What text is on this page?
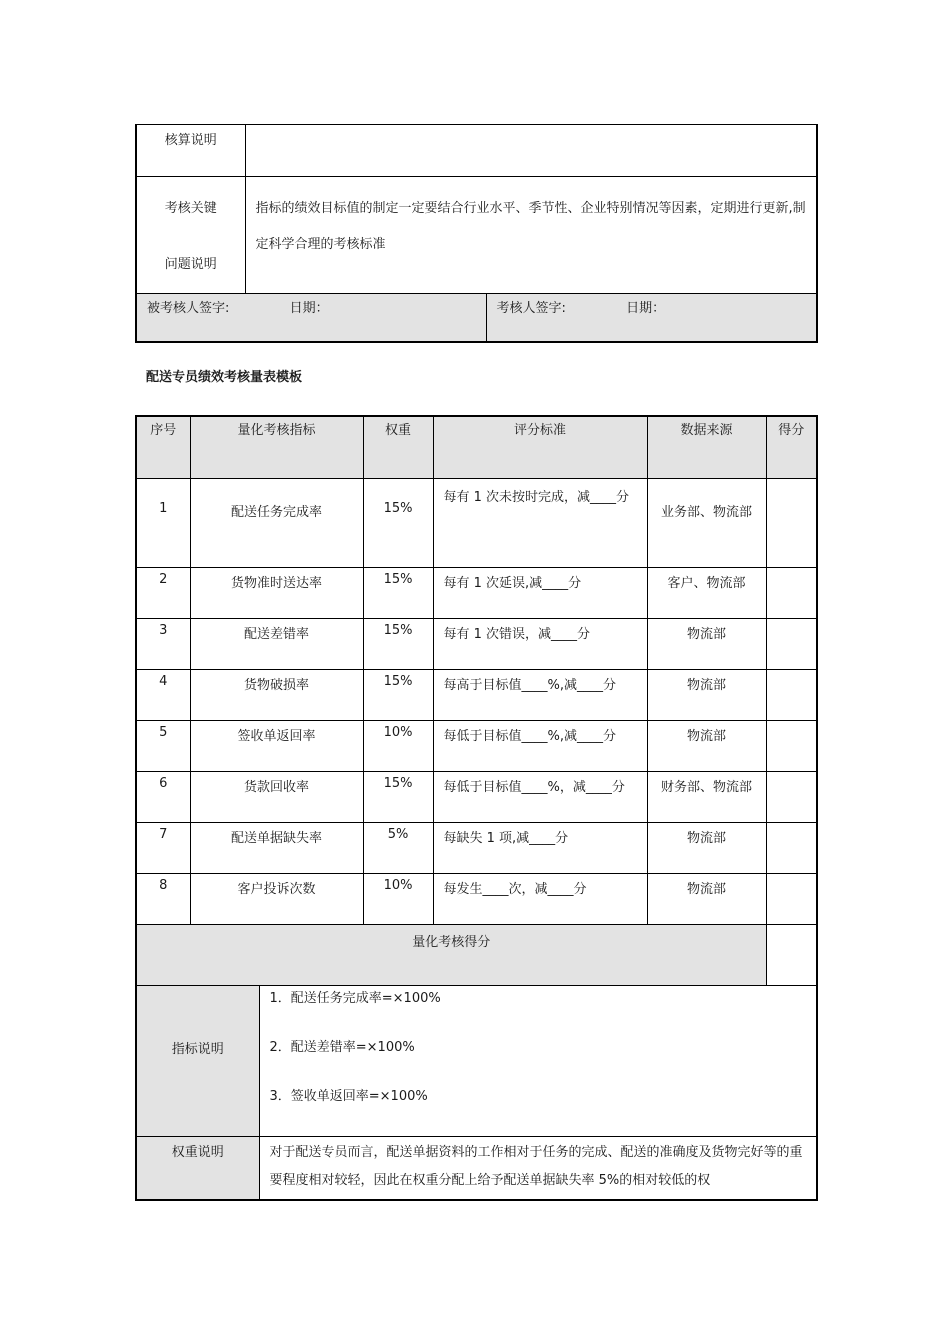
核算说明		

考核关键
问题说明	指标的绩效目标值的制定一定要结合行业水平、季节性、企业特别情况等因素，定期进行更新,制定科学合理的考核标准	
被考核人签字: 日期：		考核人签字: 日期：
配送专员绩效考核量表模板
序号	量化考核指标		权重	评分标准	数据来源	得分
1	配送任务完成率		15%	每有 1 次未按时完成，减____分	业务部、物流部	
2	货物准时送达率		15%	每有 1 次延误,减____分	客户、物流部	
3	配送差错率		15%	每有 1 次错误，减____分	物流部	
4	货物破损率		15%	每高于目标值____%,减____分	物流部	
5	签收单返回率		10%	每低于目标值____%,减____分	物流部	
6	货款回收率		15%	每低于目标值____%，减____分	财务部、物流部	
7	配送单据缺失率		5%	每缺失 1 项,减____分	物流部	
8	客户投诉次数		10%	每发生____次，减____分	物流部	
量化考核得分						
指标说明		1．配送任务完成率=×100%
2．配送差错率=×100%
3．签收单返回率=×100%				

权重说明		对于配送专员而言，配送单据资料的工作相对于任务的完成、配送的准确度及货物完好等的重要程度相对较轻，因此在权重分配上给予配送单据缺失率 5%的相对较低的权				
